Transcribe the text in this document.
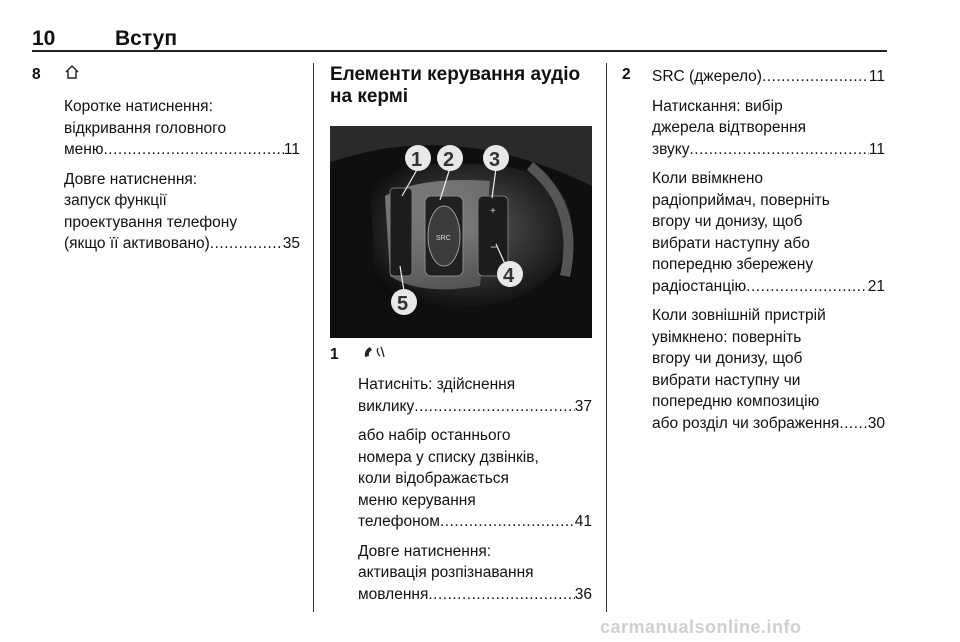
10	Вступ
8

Коротке натиснення:
відкривання головного

меню .....	11

Довге натиснення:
запуск функції
проектування телефону

(якщо її активовано) .....	35

Елементи керування аудіо на кермі
SRC
+
−
1 2 3
4
5
1

Натисніть: здійснення

виклику .....	37

або набір останнього
номера у списку дзвінків,
коли відображається
меню керування

телефоном .....	41

Довге натиснення:
активація розпізнавання

мовлення .....	36

2 SRC (джерело) .....	11

Натискання: вибір
джерела відтворення

звуку .....	11

Коли ввімкнено
радіоприймач, поверніть
вгору чи донизу, щоб
вибрати наступну або
попередню збережену

радіостанцію .....	21

Коли зовнішній пристрій
увімкнено: поверніть
вгору чи донизу, щоб
вибрати наступну чи
попередню композицію

або розділ чи зображення ..... 30

carmanualsonline.info
